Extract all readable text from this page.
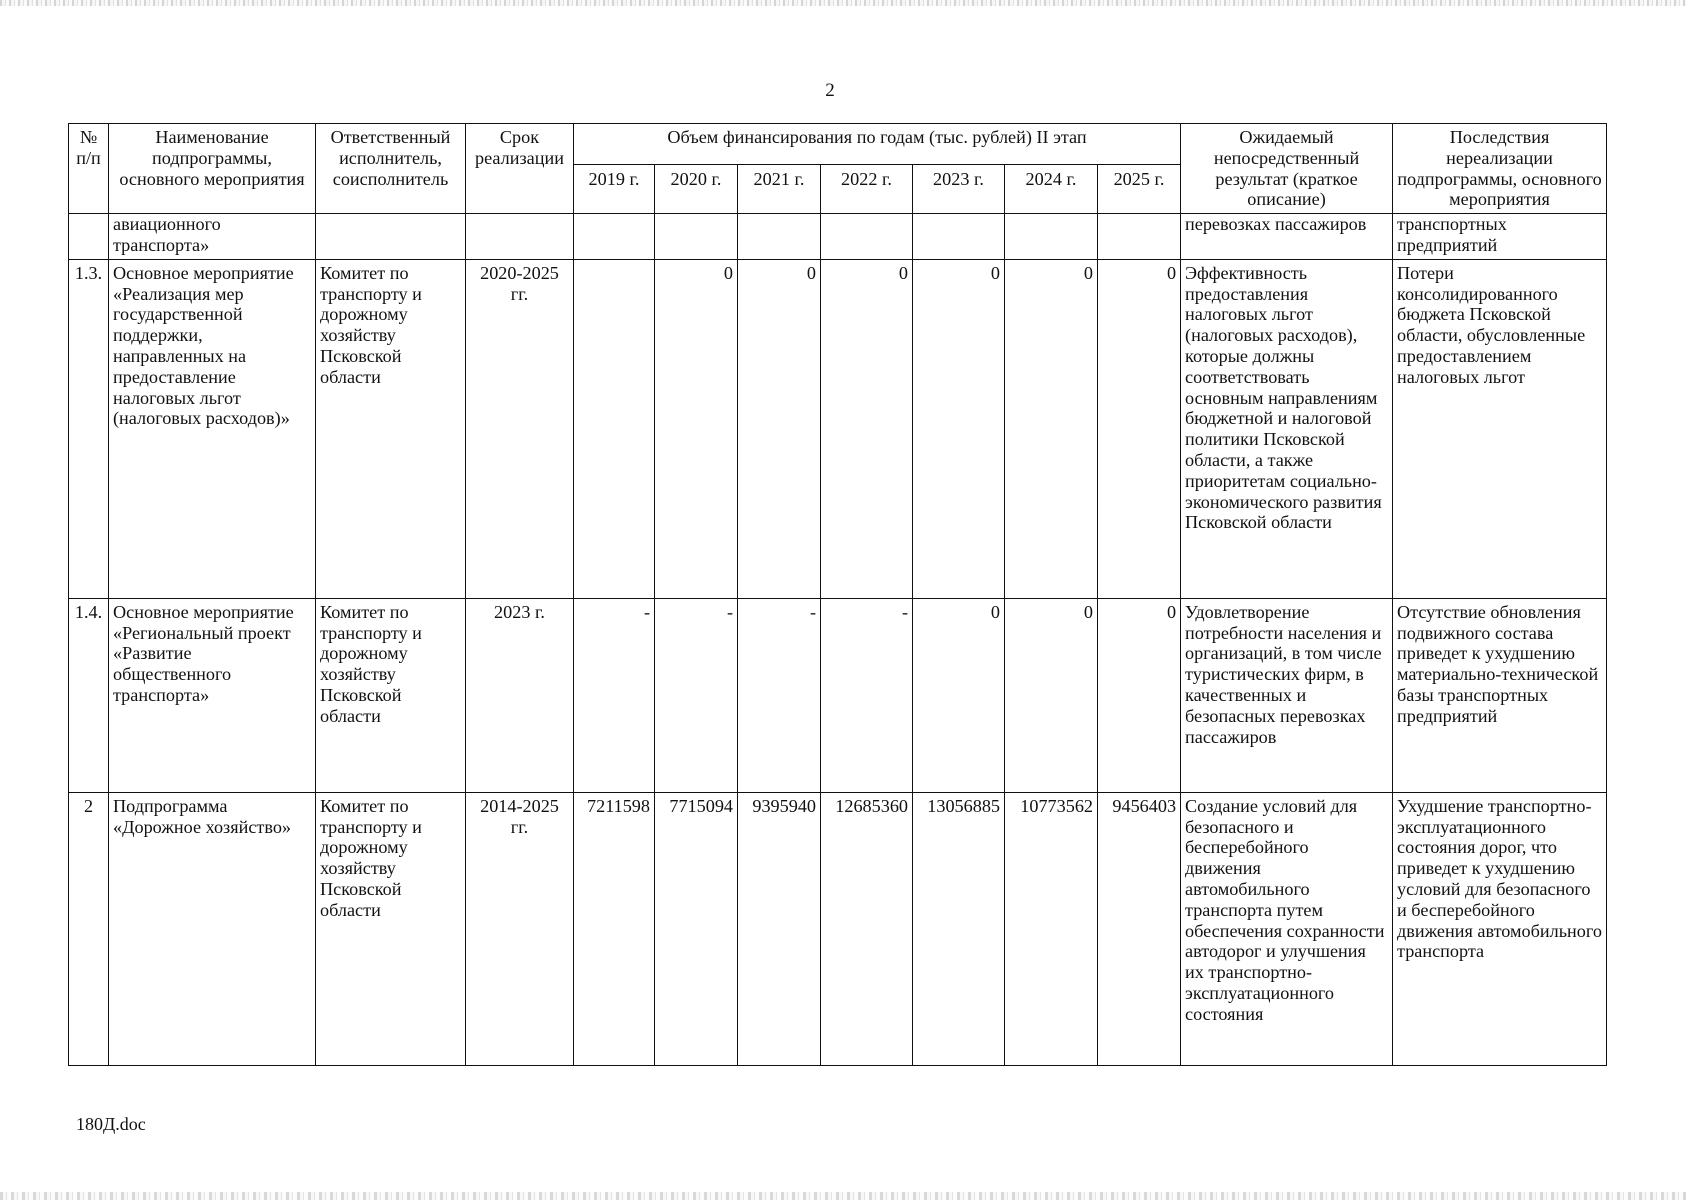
2
№ п/п	Наименование подпрограммы, основного мероприятия	Ответственный исполнитель, соисполнитель	Срок реализации	Объем финансирования по годам (тыс. рублей) II этап							Ожидаемый непосредственный результат (краткое описание)	Последствия нереализации подпрограммы, основного мероприятия
				2019 г.	2020 г.	2021 г.	2022 г.	2023 г.	2024 г.	2025 г.		
	авиационного транспорта»										перевозках пассажиров	транспортных предприятий
1.3.	Основное мероприятие «Реализация мер государственной поддержки, направленных на предоставление налоговых льгот (налоговых расходов)»	Комитет по транспорту и дорожному хозяйству Псковской области	2020-2025 гг.		0	0	0	0	0	0	Эффективность предоставления налоговых льгот (налоговых расходов), которые должны соответствовать основным направлениям бюджетной и налоговой политики Псковской области, а также приоритетам социально-экономического развития Псковской области	Потери консолидированного бюджета Псковской области, обусловленные предоставлением налоговых льгот
1.4.	Основное мероприятие «Региональный проект «Развитие общественного транспорта»	Комитет по транспорту и дорожному хозяйству Псковской области	2023 г.	-	-	-	-	0	0	0	Удовлетворение потребности населения и организаций, в том числе туристических фирм, в качественных и безопасных перевозках пассажиров	Отсутствие обновления подвижного состава приведет к ухудшению материально-технической базы транспортных предприятий
2	Подпрограмма «Дорожное хозяйство»	Комитет по транспорту и дорожному хозяйству Псковской области	2014-2025 гг.	7211598	7715094	9395940	12685360	13056885	10773562	9456403	Создание условий для безопасного и бесперебойного движения автомобильного транспорта путем обеспечения сохранности автодорог и улучшения их транспортно-эксплуатационного состояния	Ухудшение транспортно-эксплуатационного состояния дорог, что приведет к ухудшению условий для безопасного и бесперебойного движения автомобильного транспорта
180Д.doc
